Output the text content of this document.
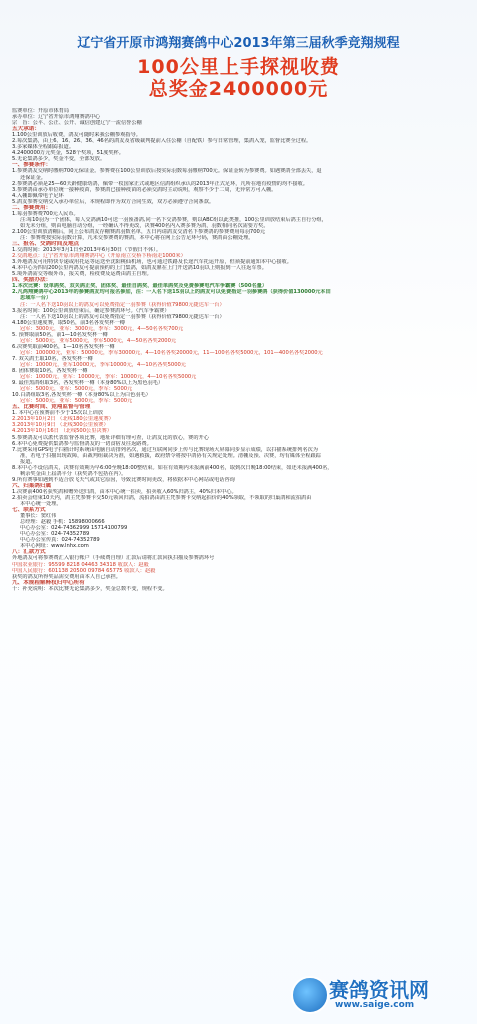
辽宁省开原市鸿翔赛鸽中心2013年第三届秋季竞翔规程
100公里上手探视收费
总奖金2400000元
监赛单位：开原市体育局
承办单位：辽宁省开原市鸿翔赛鸽中心
宗　旨：公平、公正、公开、诚信创建辽宁一流信誉公棚
五大承诺：
1.100公里训放后收费，鸽友可随时来我公棚参观指导。
2.每次集鸽，由上6、16、26、36、46名的鸽友及省级裁判提前入住公棚（自配铁）参与日常管理，集鸽入笼，监督比赛全过程。
3.多家媒体全程跟踪报道。
4.2400000万元奖金，528个奖项，51度奖杯。
5.无论集鸽多少，奖金不变，全部发放。
一、参赛条件：
1.参赛鸽友交纳时缴纳700元保证金。参赛费在100公里训放后按实际羽数每羽缴纳700元。保证金转为参赛费。如遇赛鸽全部丢失，退
还保证金。
2.参赛鸽必须是25—60天龄健康幼鸽，佩带一枚国家正式或地区信鸽组织承认的2013年正式足环，凡所在地有疫情的均不接收。
3.参赛鸽由承办单位统一接种疫苗，参赛鸽已接种疫苗的必须交鸽时主动说明，观察不少于二周，无异常方可入棚。
4.入棚即佩带电子足环
5.鸽友参赛交纳交入承办单位后，本规程即作为双方合同生效，双方必须遵守合同条款。
二、参赛费用：
1.每羽参赛费700元人民币。
注:每10羽为一个团体，每人交鸽满10可送一羽预备鸽,同一名下交鸽参赛，则以ABC组以此类推，100公里训放结束后鸽主自行分组，
如无未分组，则由电脑自动分组，一经确认不得更改，决赛400名内入赛多赛为鸽，羽数相同名次需要方奖。
2.100公里训放清棚后，同上公布鸽友存棚赛鸽羽数名单，五日内请鸽友交清名下参赛鸽的参赛费用每羽700元
注：参赛费按实际羽数计算，凡未交参赛费的赛鸽，本中心将在网上公告足环号码，赛鸽由公棚处理。
三、报名、交鸽时间及地点
1.交鸽时间：2013年3月1日至2013年6月30日（节假日不休）。
2.交鸽地点：辽宁省开原市鸿翔赛鸽中心（开原南立交桥下桥南走1000米）
3.外地鸽友可用特快专递或用托运等运送至沈阳桃仙机场，也可通过铁路及长途汽车托运开原，但须提前通知本中心接收。
4.本中心为四周200公里内鸽友可提前预约的上门集鸽，如鸽友鼎在上门开送鸽10羽以上则报到一人往返车票。
5.境外鸽需交等级外币，报关费，检疫费及运费由鸽主自理。
四、奖励办法：
1.本次比赛：设单鸽奖、双关鸽正奖、团体奖、最佳自鸽奖、最佳单鸽奖及免费参赛电汽车争霸赛（500名量）
2.凡鸿翔赛鸽中心2013年的参赛鸽友均可报名参加，注：一人名下送15羽以上的鸽友可以免费指定一羽参赛鸽（获得价值130000元本田
思域车一台）
注：一人名下送10羽以上的鸽友可以免费指定一羽参赛（获得价值79800元捷达车一台）
3.报名时间：100公里训放结束后，确定参赛鸽环号。（汽车争霸赛）
注：一人名下送10羽以上的鸽友可以免费指定一羽参赛（获得价值79800元捷达车一台）
4.180公里速度赛，取50名，前3名各发奖杯一樽
冠军：3000元，亚军：3000元，季军：3000元，4—50名各奖700元
5. 预赛取前50名，前1—10名发奖杯一樽
冠军：5000元，亚军5000元，季军5000元，4—50名各奖2000元
6.决赛奖取前400名，1—10名各发奖杯一樽
冠军：100000元，亚军：50000元，季军30000元，4—10名各奖20000元，11—100名各奖5000元，101—400名各奖2000元
7. 双关鸽王取10名，各发奖杯一樽
冠军：10000元，亚军10000元，季军10000元，4—10名各奖5000元
8. 团体赛取10名，各发奖杯一樽
冠军：10000元，亚军：10000元，季军：10000元，4—10名各奖5000元
9. 最佳黑鸽组取3名，各发奖杯一樽（本身80%以上为黑色羽毛）
冠军：5000元，亚军：5000元，季军：5000元
10.白鸽组取3名,各发奖杯一樽（本身80%以上为白色羽毛）
冠军：5000元，亚军：5000元，季军：5000元
五、比赛时间、竞翔监督与管理
1. 本中心在预赛前不少于15次以上训放
2.2013年10月2日 （北线180公里速度赛）
3.2013年10月9日 （北线300公里预赛）
4.2013年10月16日 （北线500公里决赛）
5.参赛鸽友可以派代表监督各项比赛，地址详细有理可查，让鸽友比的放心，赛的开心
6.本中心免费提供集鸽参与监督鸽友的一切食宿及往返路费。
7.比赛采用GPS电子扫描计时系统由电脑自动排列名次，通过互联网同步上传与比赛现场大屏幕同步显示成绩，以扫描系统排列名次为
准，若电子扫描出现故障，由裁判组裁决为准，如遇救援，政府禁令将按中鸽协有关规定处理。清棚及预、决赛，均有媒体全程跟踪
报道。
8.本中心不设信鸽关，决赛有效期为早6:00至晚18:00整结束。如在有效期内未报满前400名，取到次日晚18:00结束，如还未报满400名，
剩余奖金由上届鸽平分（获奖鸽不包括在内）。
9.所有赛事如遇到不适合放飞天气或其它原因，导致比赛时间更改，将依据本中心网站或电话咨询
六、归巢鸽归属
1.决赛前400名获奖鸽和赠外送归鸽，由本中心统一拍卖，拍卖收入60%归鸽主，40%归本中心。
2.拍卖会结束10天内，鸽主凭参赛卡交50元领回归鸽，流拍鸽由鸽主凭参赛卡交纳起拍价的40%领取，不领取的归巢鸽和流拍鸽由
本中心统一处理。
七、联系方式
董事长：窦红伟
总经理：赵毅 手机：15898000666
中心办公室：024-74362999 15714100799
中心办公室：024-74352789
中心办公室传真：024-74352789
本中心网址：www.lnhx.com
八：汇款方式
外地鸽友可将参赛费汇入银行帐户（手续费自理）汇款后请将汇款回执扫描及参赛鸽环号
中国农业银行：95599 8218 04463 34318 收款人：赵毅
中国人民银行：601138 20500 09784 65775 收款人：赵毅
获奖的鸽友所得奖品需交费用由本人自己承担。
九、本规程解释权归中心所有
十：补充说明：本次比赛无论集鸽多少，奖金总数不变，规程不变。
赛鸽资讯网
www.saige.com
